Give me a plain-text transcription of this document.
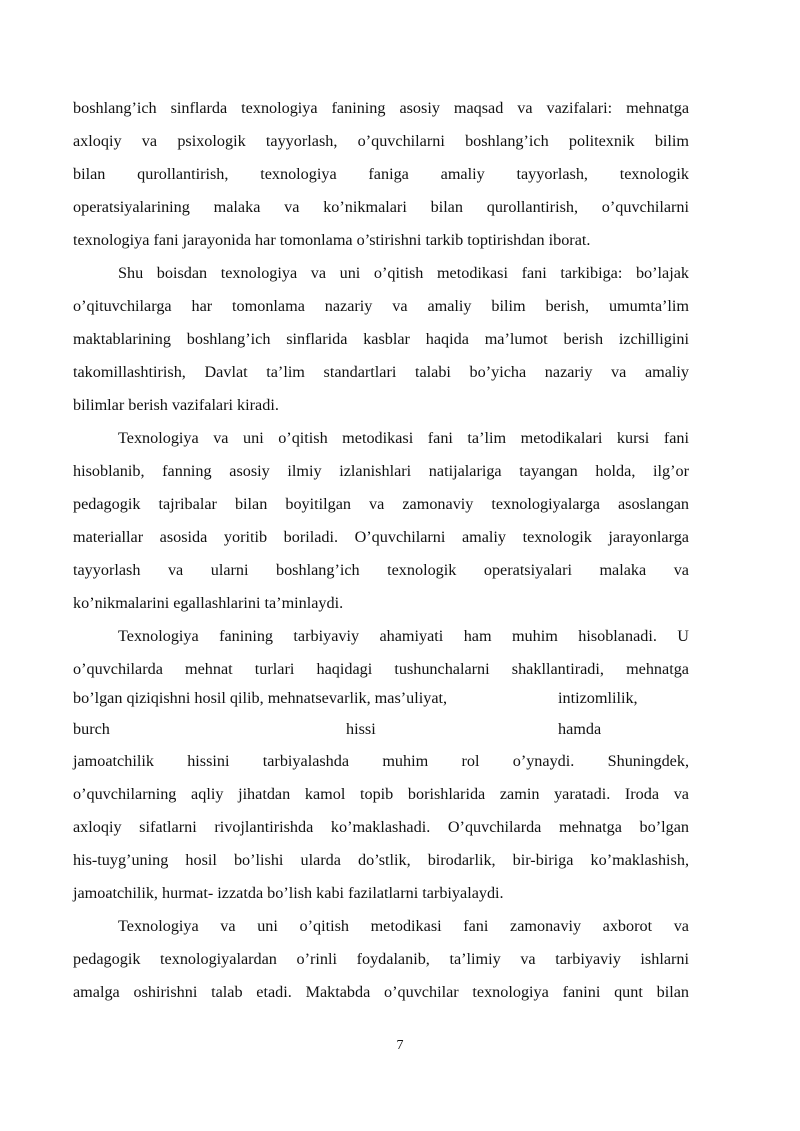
boshlang’ich sinflarda texnologiya fanining asosiy maqsad va vazifalari: mehnatga
axloqiy va psixologik tayyorlash, o’quvchilarni boshlang’ich politexnik bilim
bilan qurollantirish, texnologiya faniga amaliy tayyorlash, texnologik
operatsiyalarining malaka va ko’nikmalari bilan qurollantirish, o’quvchilarni
texnologiya fani jarayonida har tomonlama o’stirishni tarkib toptirishdan iborat.
Shu boisdan texnologiya va uni o’qitish metodikasi fani tarkibiga: bo’lajak
o’qituvchilarga har tomonlama nazariy va amaliy bilim berish, umumta’lim
maktablarining boshlang’ich sinflarida kasblar haqida ma’lumot berish izchilligini
takomillashtirish, Davlat ta’lim standartlari talabi bo’yicha nazariy va amaliy
bilimlar berish vazifalari kiradi.
Texnologiya va uni o’qitish metodikasi fani ta’lim metodikalari kursi fani
hisoblanib, fanning asosiy ilmiy izlanishlari natijalariga tayangan holda, ilg’or
pedagogik tajribalar bilan boyitilgan va zamonaviy texnologiyalarga asoslangan
materiallar asosida yoritib boriladi. O’quvchilarni amaliy texnologik jarayonlarga
tayyorlash va ularni boshlang’ich texnologik operatsiyalari malaka va
ko’nikmalarini egallashlarini ta’minlaydi.
Texnologiya fanining tarbiyaviy ahamiyati ham muhim hisoblanadi. U
o’quvchilarda mehnat turlari haqidagi tushunchalarni shakllantiradi, mehnatga
bo’lgan qiziqishni hosil qilib, mehnatsevarlik, mas’uliyat,	intizomlilik,
burch	hissi	hamda
jamoatchilik hissini tarbiyalashda muhim rol o’ynaydi. Shuningdek,
o’quvchilarning aqliy jihatdan kamol topib borishlarida zamin yaratadi. Iroda va
axloqiy sifatlarni rivojlantirishda ko’maklashadi. O’quvchilarda mehnatga bo’lgan
his-tuyg’uning hosil bo’lishi ularda do’stlik, birodarlik, bir-biriga ko’maklashish,
jamoatchilik, hurmat- izzatda bo’lish kabi fazilatlarni tarbiyalaydi.
Texnologiya va uni o’qitish metodikasi fani zamonaviy axborot va
pedagogik texnologiyalardan o’rinli foydalanib, ta’limiy va tarbiyaviy ishlarni
amalga oshirishni talab etadi. Maktabda o’quvchilar texnologiya fanini qunt bilan
7
